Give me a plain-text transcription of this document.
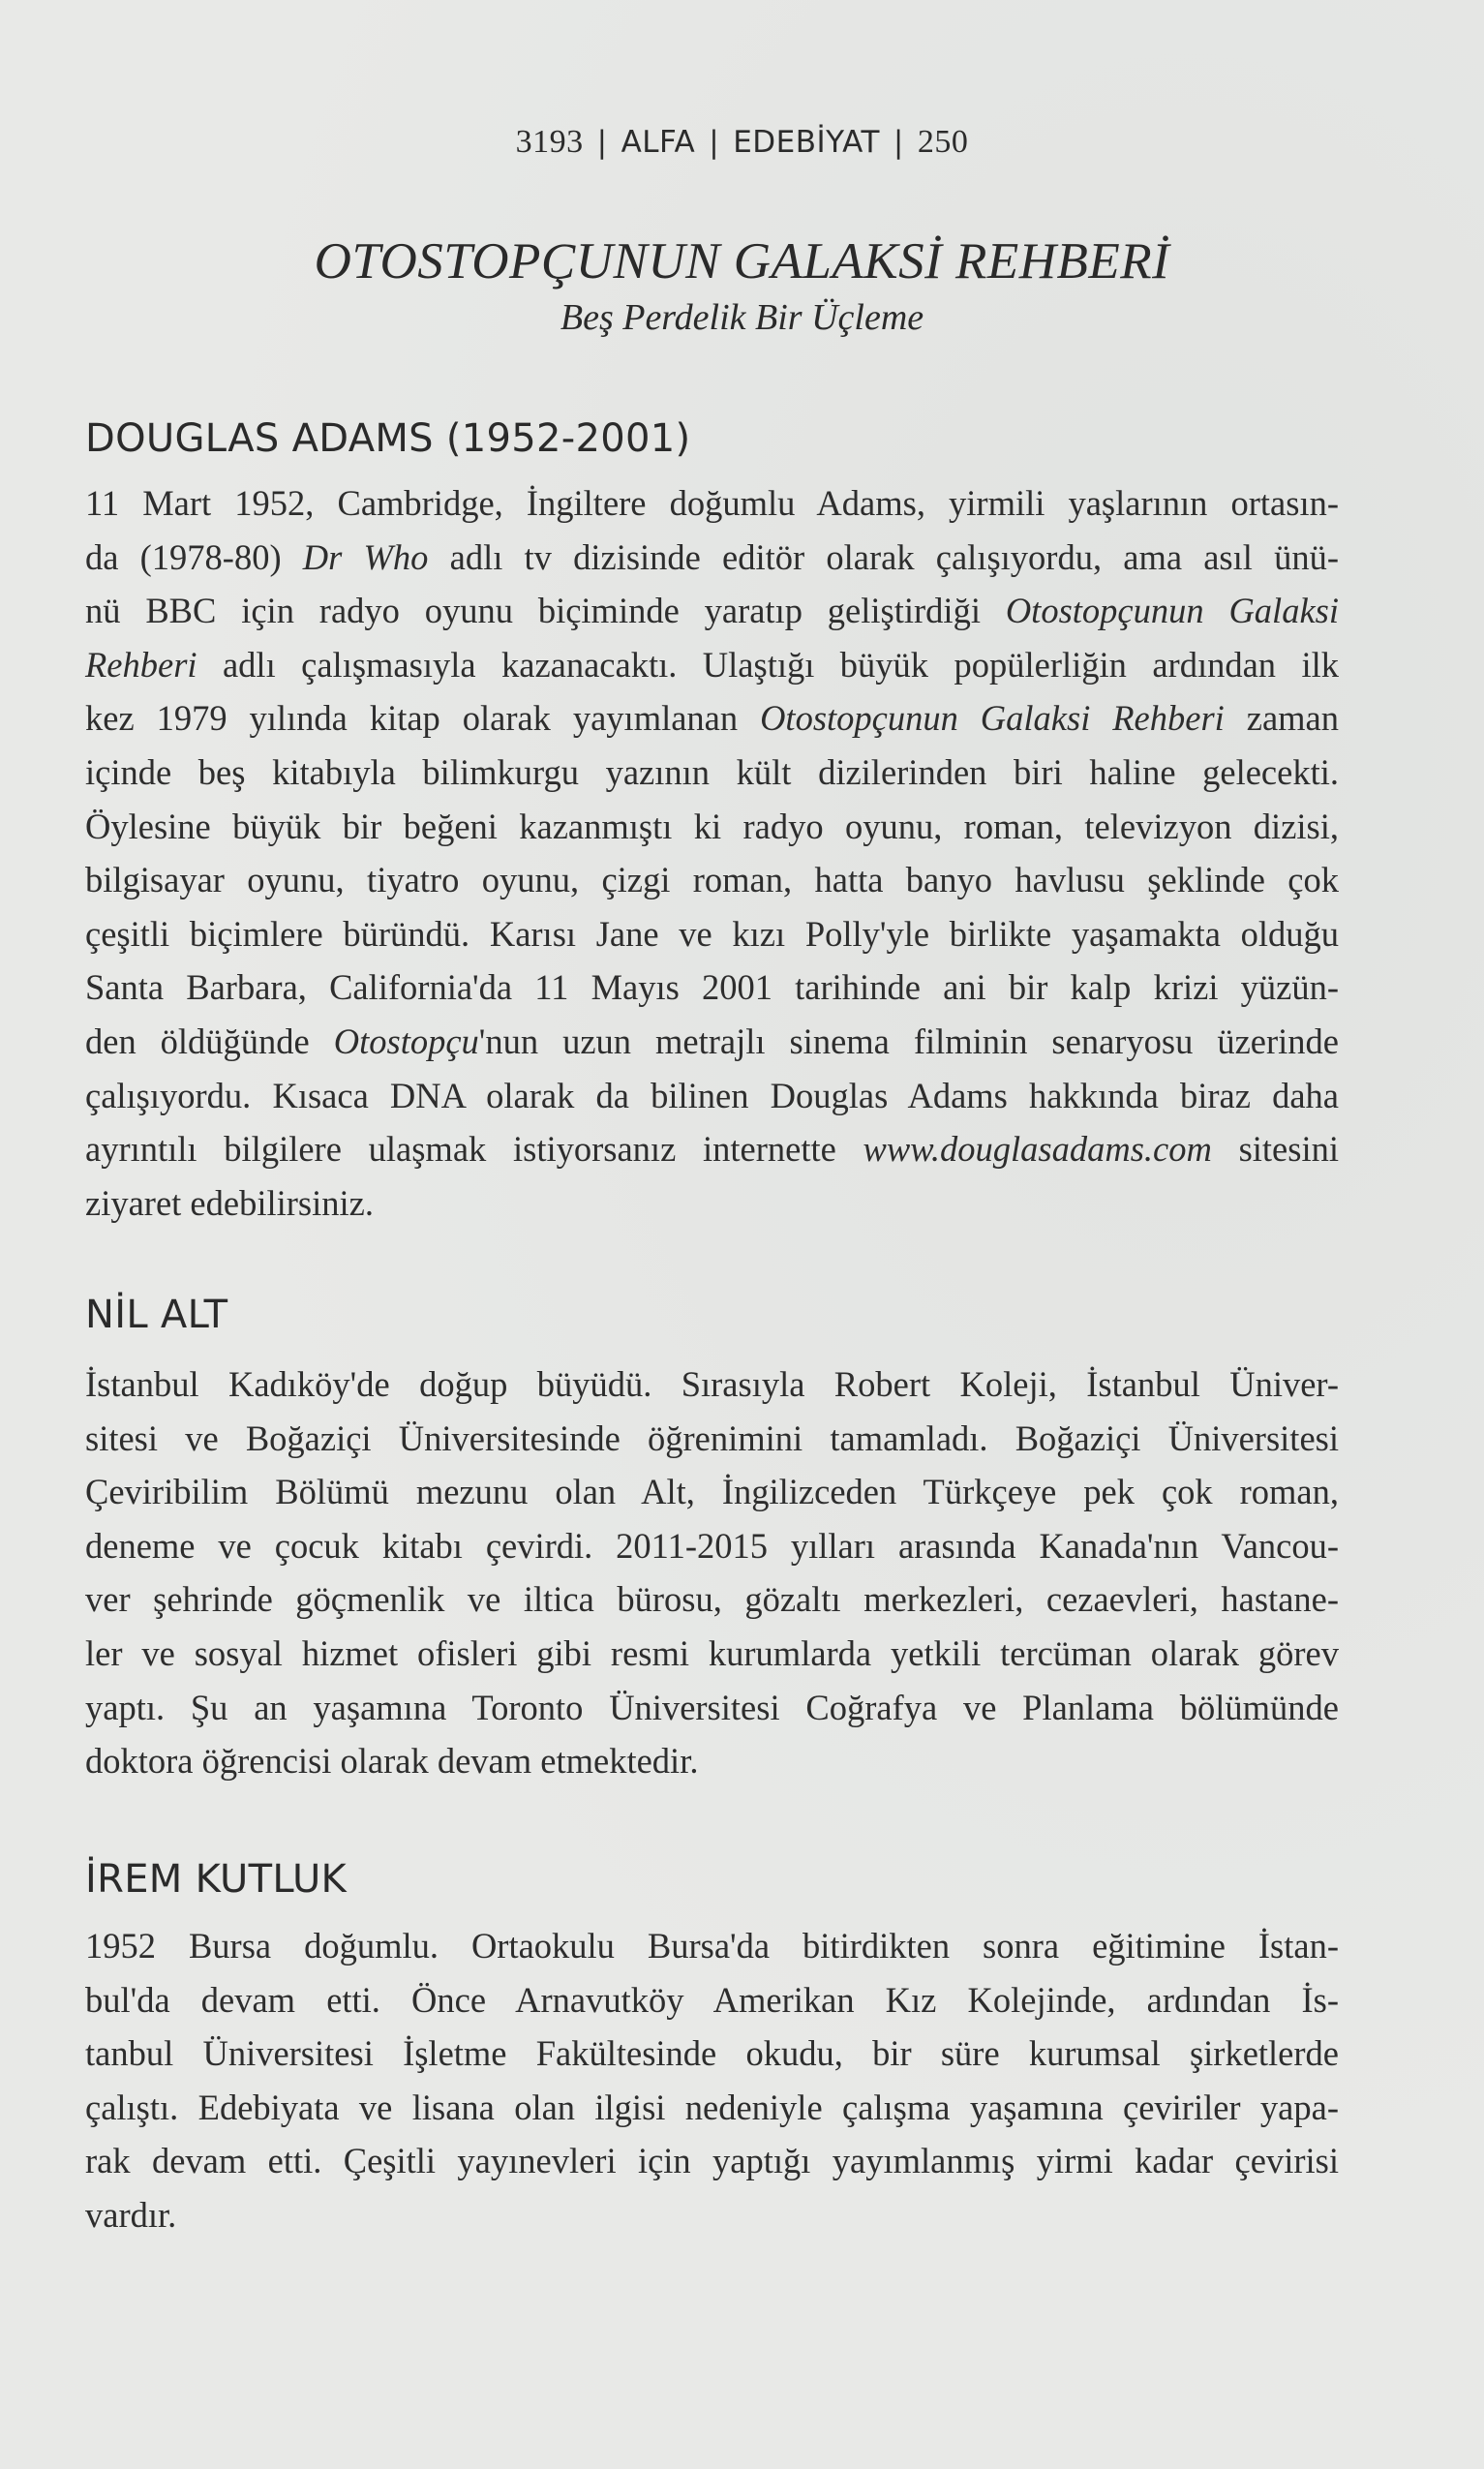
3193 | ALFA | EDEBİYAT | 250
OTOSTOPÇUNUN GALAKSİ REHBERİ
Beş Perdelik Bir Üçleme
DOUGLAS ADAMS (1952-2001)
11 Mart 1952, Cambridge, İngiltere doğumlu Adams, yirmili yaşlarının ortasın-
da (1978-80) Dr Who adlı tv dizisinde editör olarak çalışıyordu, ama asıl ünü-
nü BBC için radyo oyunu biçiminde yaratıp geliştirdiği Otostopçunun Galaksi
Rehberi adlı çalışmasıyla kazanacaktı. Ulaştığı büyük popülerliğin ardından ilk
kez 1979 yılında kitap olarak yayımlanan Otostopçunun Galaksi Rehberi zaman
içinde beş kitabıyla bilimkurgu yazının kült dizilerinden biri haline gelecekti.
Öylesine büyük bir beğeni kazanmıştı ki radyo oyunu, roman, televizyon dizisi,
bilgisayar oyunu, tiyatro oyunu, çizgi roman, hatta banyo havlusu şeklinde çok
çeşitli biçimlere büründü. Karısı Jane ve kızı Polly'yle birlikte yaşamakta olduğu
Santa Barbara, California'da 11 Mayıs 2001 tarihinde ani bir kalp krizi yüzün-
den öldüğünde Otostopçu'nun uzun metrajlı sinema filminin senaryosu üzerinde
çalışıyordu. Kısaca DNA olarak da bilinen Douglas Adams hakkında biraz daha
ayrıntılı bilgilere ulaşmak istiyorsanız internette www.douglasadams.com sitesini
ziyaret edebilirsiniz.
NİL ALT
İstanbul Kadıköy'de doğup büyüdü. Sırasıyla Robert Koleji, İstanbul Üniver-
sitesi ve Boğaziçi Üniversitesinde öğrenimini tamamladı. Boğaziçi Üniversitesi
Çeviribilim Bölümü mezunu olan Alt, İngilizceden Türkçeye pek çok roman,
deneme ve çocuk kitabı çevirdi. 2011-2015 yılları arasında Kanada'nın Vancou-
ver şehrinde göçmenlik ve iltica bürosu, gözaltı merkezleri, cezaevleri, hastane-
ler ve sosyal hizmet ofisleri gibi resmi kurumlarda yetkili tercüman olarak görev
yaptı. Şu an yaşamına Toronto Üniversitesi Coğrafya ve Planlama bölümünde
doktora öğrencisi olarak devam etmektedir.
İREM KUTLUK
1952 Bursa doğumlu. Ortaokulu Bursa'da bitirdikten sonra eğitimine İstan-
bul'da devam etti. Önce Arnavutköy Amerikan Kız Kolejinde, ardından İs-
tanbul Üniversitesi İşletme Fakültesinde okudu, bir süre kurumsal şirketlerde
çalıştı. Edebiyata ve lisana olan ilgisi nedeniyle çalışma yaşamına çeviriler yapa-
rak devam etti. Çeşitli yayınevleri için yaptığı yayımlanmış yirmi kadar çevirisi
vardır.
